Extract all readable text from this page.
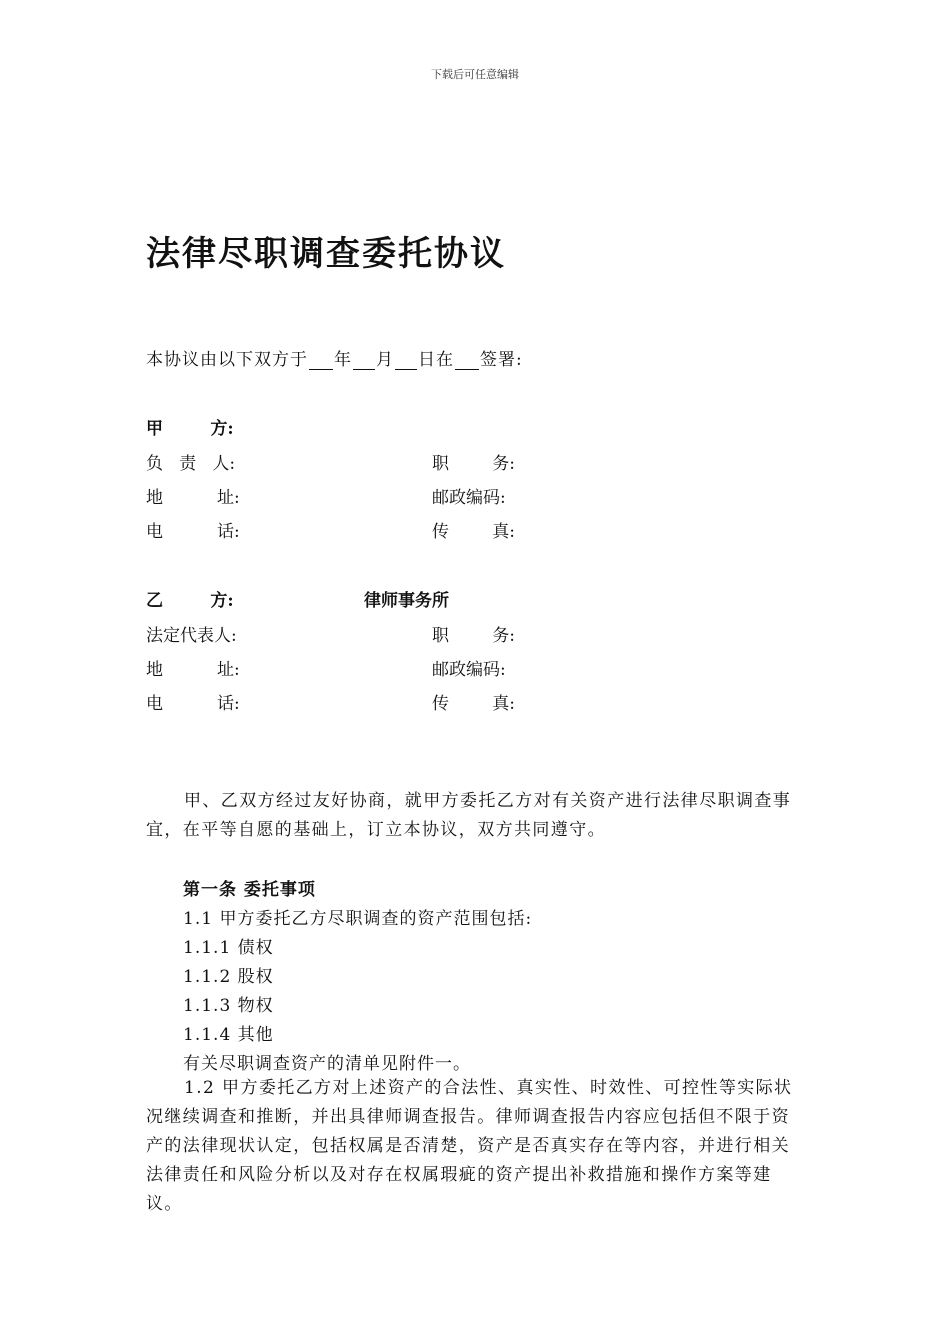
下载后可任意编辑
法律尽职调查委托协议
本协议由以下双方于 年 月 日在 签署:
甲        方:
负   责   人:	职        务:
地          址:	邮政编码:
电          话:	传        真:
乙        方:	律师事务所
法定代表人:	职        务:
地          址:	邮政编码:
电          话:	传        真:
甲、乙双方经过友好协商，就甲方委托乙方对有关资产进行法律尽职调查事宜，在平等自愿的基础上，订立本协议，双方共同遵守。
第一条 委托事项
1.1 甲方委托乙方尽职调查的资产范围包括:
1.1.1 债权
1.1.2 股权
1.1.3 物权
1.1.4 其他
有关尽职调查资产的清单见附件一。
1.2 甲方委托乙方对上述资产的合法性、真实性、时效性、可控性等实际状况继续调查和推断，并出具律师调查报告。律师调查报告内容应包括但不限于资产的法律现状认定，包括权属是否清楚，资产是否真实存在等内容，并进行相关法律责任和风险分析以及对存在权属瑕疵的资产提出补救措施和操作方案等建议。
